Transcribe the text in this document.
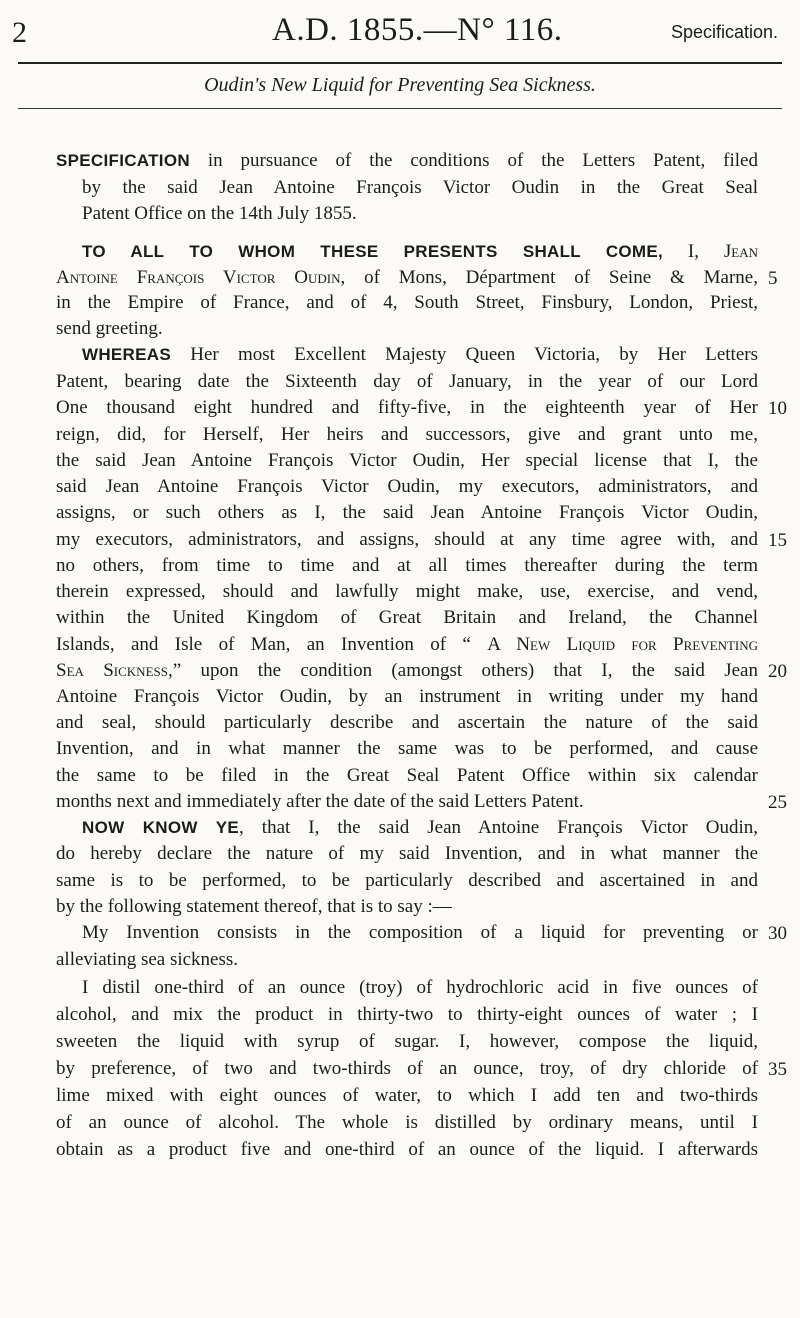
2	A.D. 1855.—N° 116.	Specification.
Oudin's New Liquid for Preventing Sea Sickness.
SPECIFICATION in pursuance of the conditions of the Letters Patent, filed
by the said Jean Antoine François Victor Oudin in the Great Seal
Patent Office on the 14th July 1855.
TO ALL TO WHOM THESE PRESENTS SHALL COME, I, Jean
Antoine François Victor Oudin, of Mons, Départment of Seine & Marne,
in the Empire of France, and of 4, South Street, Finsbury, London, Priest,
send greeting.
WHEREAS Her most Excellent Majesty Queen Victoria, by Her Letters
Patent, bearing date the Sixteenth day of January, in the year of our Lord
One thousand eight hundred and fifty-five, in the eighteenth year of Her
reign, did, for Herself, Her heirs and successors, give and grant unto me,
the said Jean Antoine François Victor Oudin, Her special license that I, the
said Jean Antoine François Victor Oudin, my executors, administrators, and
assigns, or such others as I, the said Jean Antoine François Victor Oudin,
my executors, administrators, and assigns, should at any time agree with, and
no others, from time to time and at all times thereafter during the term
therein expressed, should and lawfully might make, use, exercise, and vend,
within the United Kingdom of Great Britain and Ireland, the Channel
Islands, and Isle of Man, an Invention of “ A New Liquid for Preventing
Sea Sickness,” upon the condition (amongst others) that I, the said Jean
Antoine François Victor Oudin, by an instrument in writing under my hand
and seal, should particularly describe and ascertain the nature of the said
Invention, and in what manner the same was to be performed, and cause
the same to be filed in the Great Seal Patent Office within six calendar
months next and immediately after the date of the said Letters Patent.
NOW KNOW YE, that I, the said Jean Antoine François Victor Oudin,
do hereby declare the nature of my said Invention, and in what manner the
same is to be performed, to be particularly described and ascertained in and
by the following statement thereof, that is to say :—
My Invention consists in the composition of a liquid for preventing or
alleviating sea sickness.
I distil one-third of an ounce (troy) of hydrochloric acid in five ounces of
alcohol, and mix the product in thirty-two to thirty-eight ounces of water ; I
sweeten the liquid with syrup of sugar. I, however, compose the liquid,
by preference, of two and two-thirds of an ounce, troy, of dry chloride of
lime mixed with eight ounces of water, to which I add ten and two-thirds
of an ounce of alcohol. The whole is distilled by ordinary means, until I
obtain as a product five and one-third of an ounce of the liquid. I afterwards
5
10
15
20
25
30
35
